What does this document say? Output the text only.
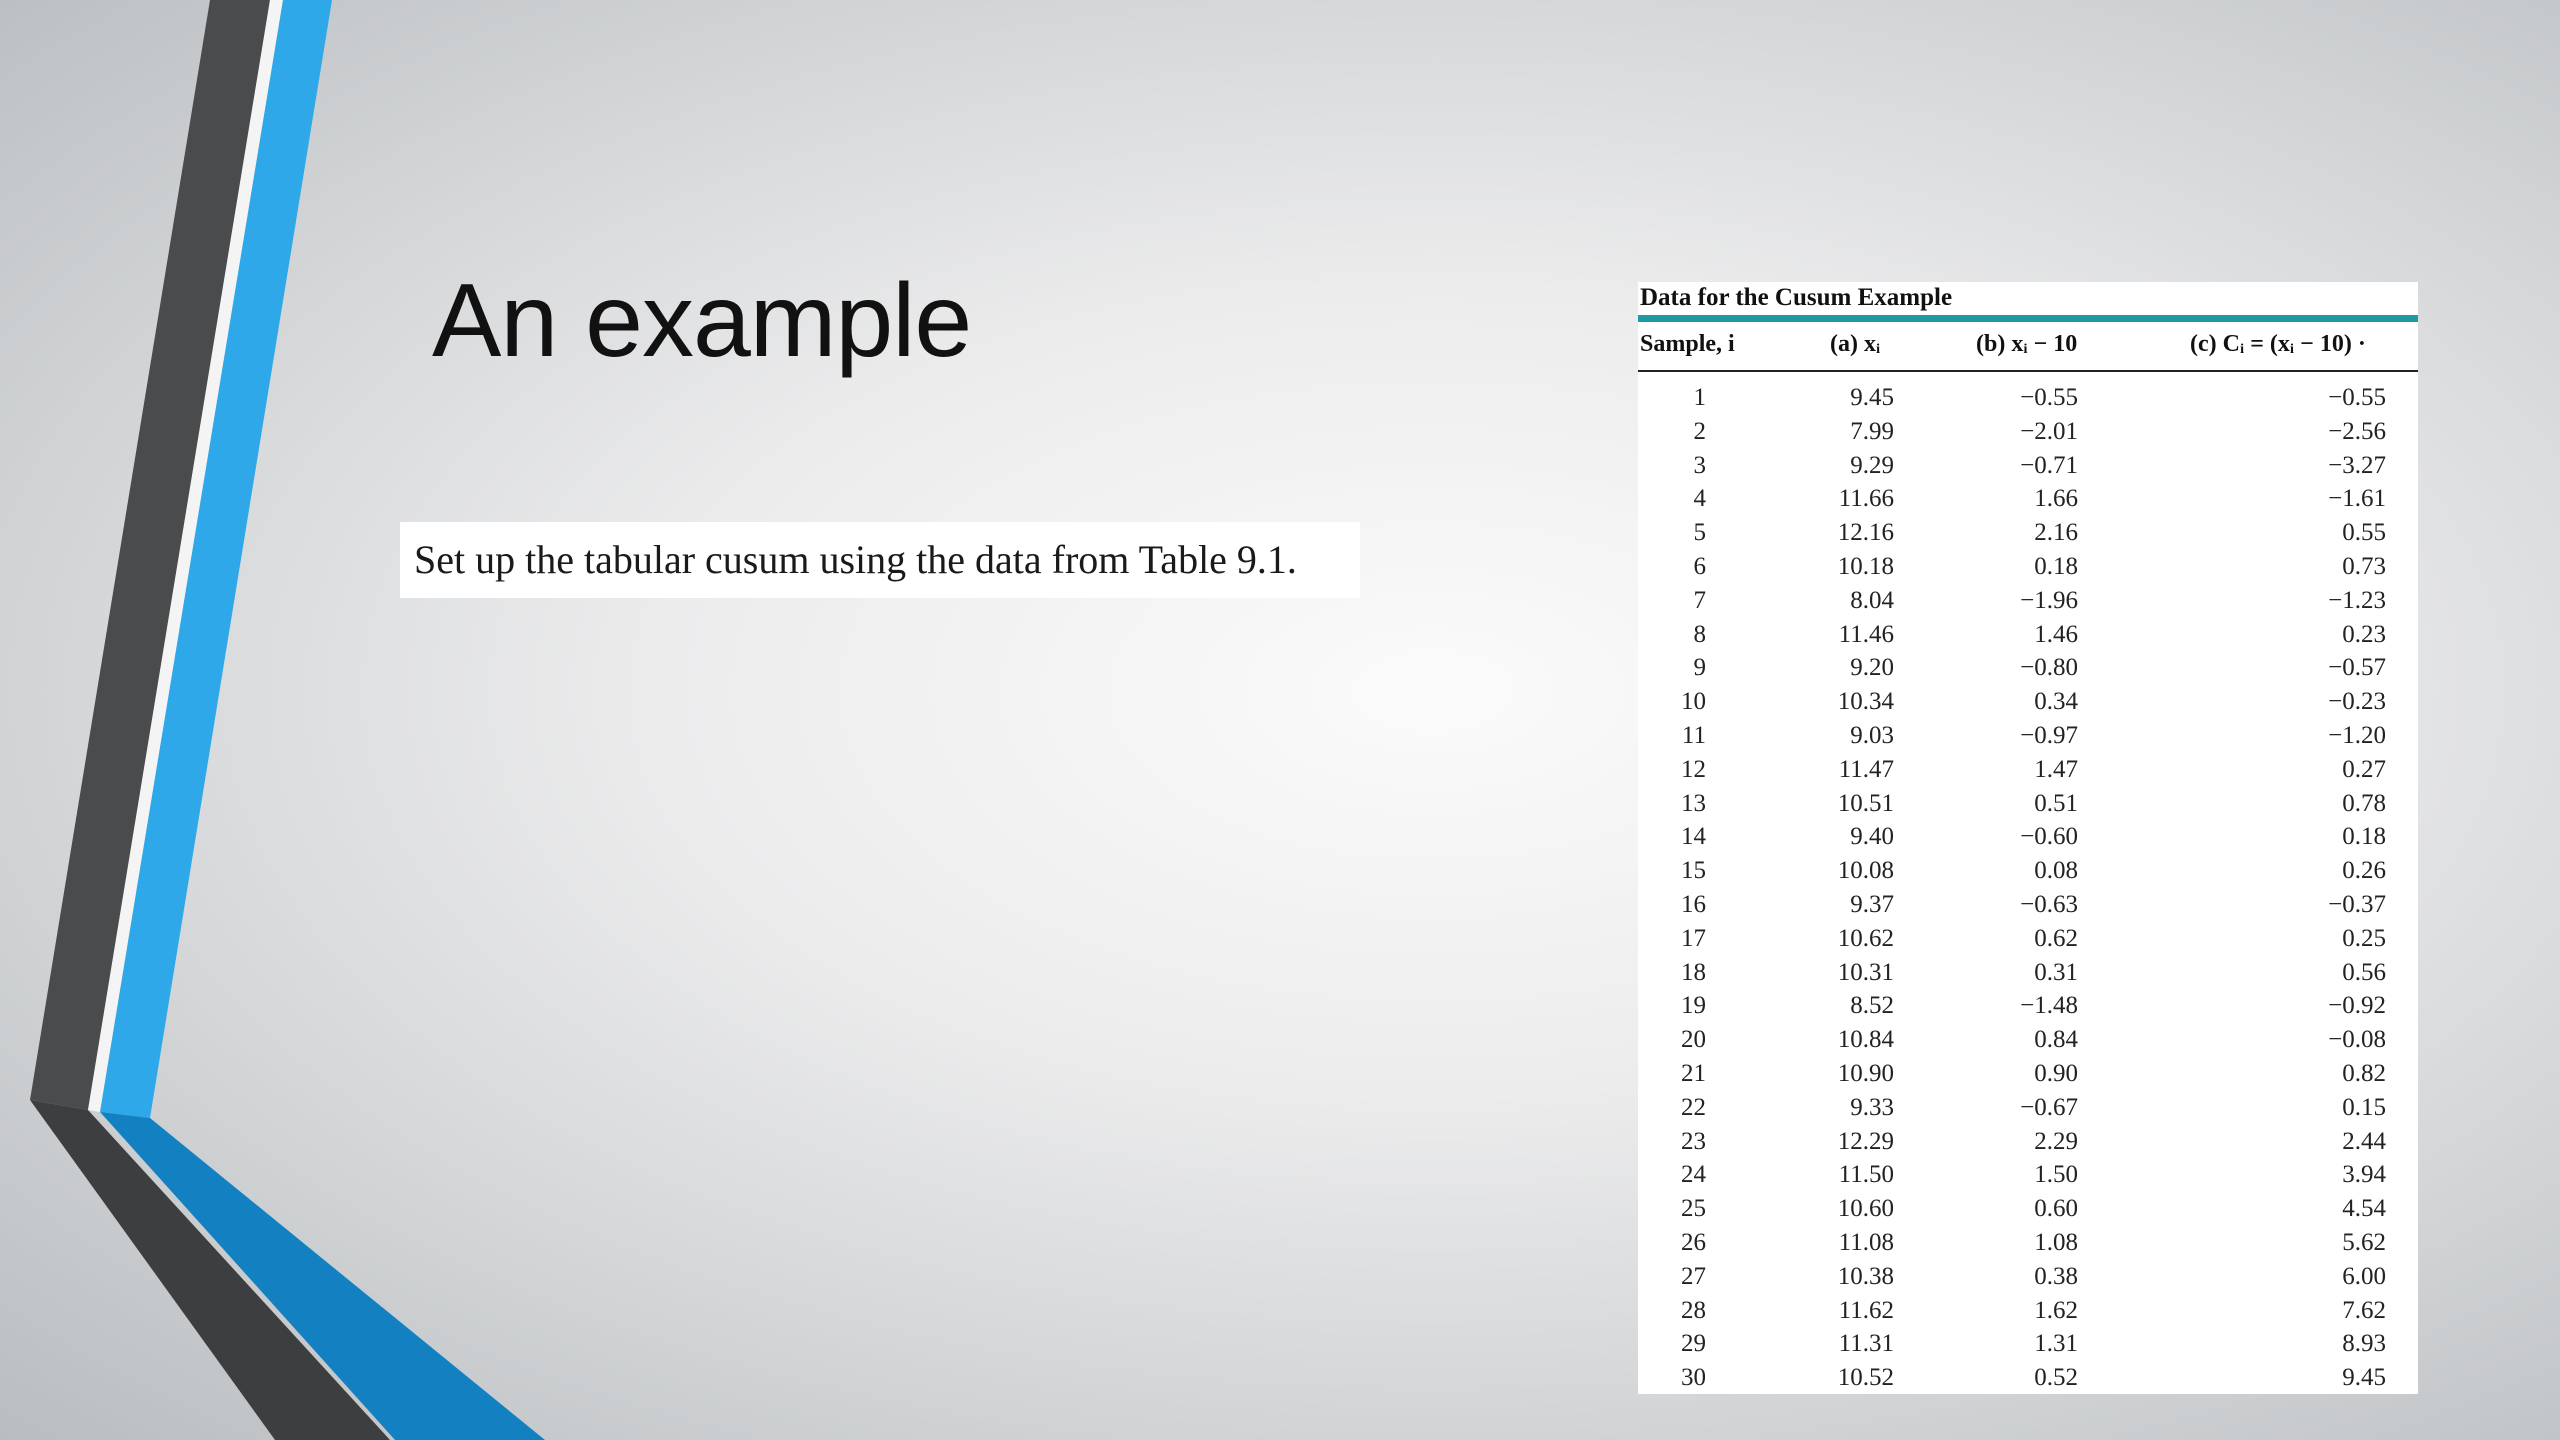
An example
Set up the tabular cusum using the data from Table 9.1.
Data for the Cusum Example
Sample, i	(a) xᵢ	(b) xᵢ − 10	(c) Cᵢ = (xᵢ − 10) ·
1	9.45	−0.55	−0.55
2	7.99	−2.01	−2.56
3	9.29	−0.71	−3.27
4	11.66	1.66	−1.61
5	12.16	2.16	0.55
6	10.18	0.18	0.73
7	8.04	−1.96	−1.23
8	11.46	1.46	0.23
9	9.20	−0.80	−0.57
10	10.34	0.34	−0.23
11	9.03	−0.97	−1.20
12	11.47	1.47	0.27
13	10.51	0.51	0.78
14	9.40	−0.60	0.18
15	10.08	0.08	0.26
16	9.37	−0.63	−0.37
17	10.62	0.62	0.25
18	10.31	0.31	0.56
19	8.52	−1.48	−0.92
20	10.84	0.84	−0.08
21	10.90	0.90	0.82
22	9.33	−0.67	0.15
23	12.29	2.29	2.44
24	11.50	1.50	3.94
25	10.60	0.60	4.54
26	11.08	1.08	5.62
27	10.38	0.38	6.00
28	11.62	1.62	7.62
29	11.31	1.31	8.93
30	10.52	0.52	9.45
